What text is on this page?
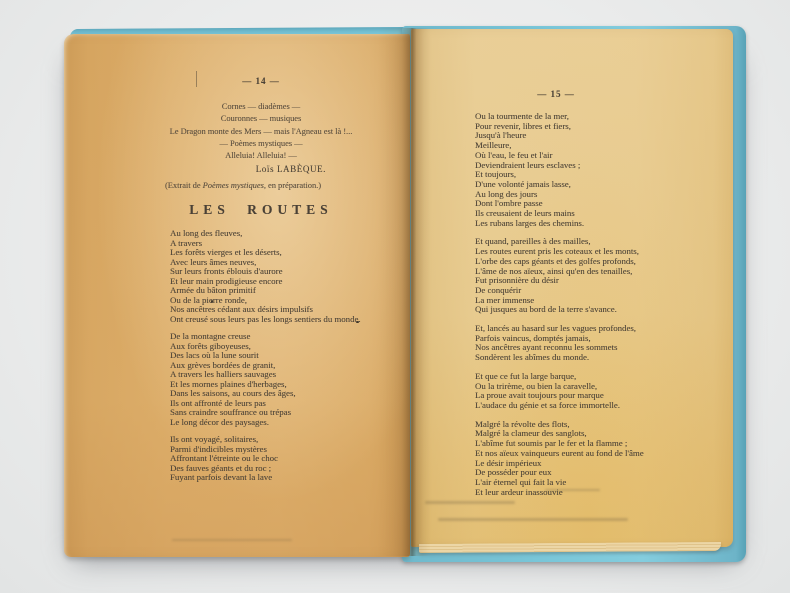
— 14 —
Cornes — diadèmes —
Couronnes — musiques
Le Dragon monte des Mers — mais l'Agneau est là !...
— Poèmes mystiques —
Alleluia! Alleluia! —
Loïs LABÈQUE.
(Extrait de Poèmes mystiques, en préparation.)
LES ROUTES
Au long des fleuves,
A travers
Les forêts vierges et les déserts,
Avec leurs âmes neuves,
Sur leurs fronts éblouis d'aurore
Et leur main prodigieuse encore
Armée du bâton primitif
Ou de la pierre ronde,
Nos ancêtres cédant aux désirs impulsifs
Ont creusé sous leurs pas les longs sentiers du monde.
De la montagne creuse
Aux forêts giboyeuses,
Des lacs où la lune sourit
Aux grèves bordées de granit,
A travers les halliers sauvages
Et les mornes plaines d'herbages,
Dans les saisons, au cours des âges,
Ils ont affronté de leurs pas
Sans craindre souffrance ou trépas
Le long décor des paysages.
Ils ont voyagé, solitaires,
Parmi d'indicibles mystères
Affrontant l'étreinte ou le choc
Des fauves géants et du roc ;
Fuyant parfois devant la lave
— 15 —
Ou la tourmente de la mer,
Pour revenir, libres et fiers,
Jusqu'à l'heure
Meilleure,
Où l'eau, le feu et l'air
Deviendraient leurs esclaves ;
Et toujours,
D'une volonté jamais lasse,
Au long des jours
Dont l'ombre passe
Ils creusaient de leurs mains
Les rubans larges des chemins.
Et quand, pareilles à des mailles,
Les routes eurent pris les coteaux et les monts,
L'orbe des caps géants et des golfes profonds,
L'âme de nos aïeux, ainsi qu'en des tenailles,
Fut prisonnière du désir
De conquérir
La mer immense
Qui jusques au bord de la terre s'avance.
Et, lancés au hasard sur les vagues profondes,
Parfois vaincus, domptés jamais,
Nos ancêtres ayant reconnu les sommets
Sondèrent les abîmes du monde.
Et que ce fut la large barque,
Ou la trirème, ou bien la caravelle,
La proue avait toujours pour marque
L'audace du génie et sa force immortelle.
Malgré la révolte des flots,
Malgré la clameur des sanglots,
L'abîme fut soumis par le fer et la flamme ;
Et nos aïeux vainqueurs eurent au fond de l'âme
Le désir impérieux
De posséder pour eux
L'air éternel qui fait la vie
Et leur ardeur inassouvie
